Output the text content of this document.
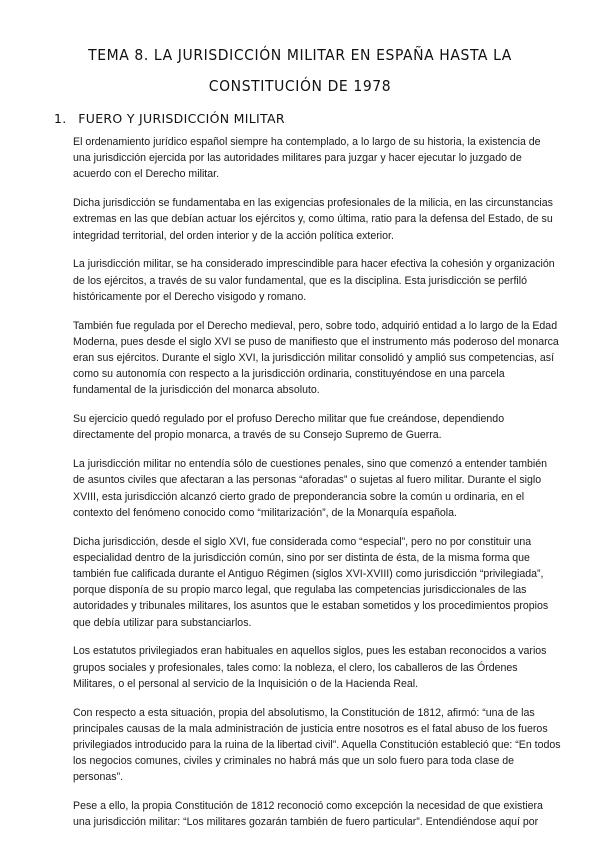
TEMA 8. LA JURISDICCIÓN MILITAR EN ESPAÑA HASTA LA CONSTITUCIÓN DE 1978
1. FUERO Y JURISDICCIÓN MILITAR

El ordenamiento jurídico español siempre ha contemplado, a lo largo de su historia, la existencia de una jurisdicción ejercida por las autoridades militares para juzgar y hacer ejecutar lo juzgado de acuerdo con el Derecho militar.

Dicha jurisdicción se fundamentaba en las exigencias profesionales de la milicia, en las circunstancias extremas en las que debían actuar los ejércitos y, como última, ratio para la defensa del Estado, de su integridad territorial, del orden interior y de la acción política exterior.

La jurisdicción militar, se ha considerado imprescindible para hacer efectiva la cohesión y organización de los ejércitos, a través de su valor fundamental, que es la disciplina. Esta jurisdicción se perfiló históricamente por el Derecho visigodo y romano.

También fue regulada por el Derecho medieval, pero, sobre todo, adquirió entidad a lo largo de la Edad Moderna, pues desde el siglo XVI se puso de manifiesto que el instrumento más poderoso del monarca eran sus ejércitos. Durante el siglo XVI, la jurisdicción militar consolidó y amplió sus competencias, así como su autonomía con respecto a la jurisdicción ordinaria, constituyéndose en una parcela fundamental de la jurisdicción del monarca absoluto.

Su ejercicio quedó regulado por el profuso Derecho militar que fue creándose, dependiendo directamente del propio monarca, a través de su Consejo Supremo de Guerra.

La jurisdicción militar no entendía sólo de cuestiones penales, sino que comenzó a entender también de asuntos civiles que afectaran a las personas “aforadas” o sujetas al fuero militar. Durante el siglo XVIII, esta jurisdicción alcanzó cierto grado de preponderancia sobre la común u ordinaria, en el contexto del fenómeno conocido como “militarización”, de la Monarquía española.

Dicha jurisdicción, desde el siglo XVI, fue considerada como “especial”, pero no por constituir una especialidad dentro de la jurisdicción común, sino por ser distinta de ésta, de la misma forma que también fue calificada durante el Antiguo Régimen (siglos XVI-XVIII) como jurisdicción “privilegiada”, porque disponía de su propio marco legal, que regulaba las competencias jurisdiccionales de las autoridades y tribunales militares, los asuntos que le estaban sometidos y los procedimientos propios que debía utilizar para substanciarlos.

Los estatutos privilegiados eran habituales en aquellos siglos, pues les estaban reconocidos a varios grupos sociales y profesionales, tales como: la nobleza, el clero, los caballeros de las Órdenes Militares, o el personal al servicio de la Inquisición o de la Hacienda Real.

Con respecto a esta situación, propia del absolutismo, la Constitución de 1812, afirmó: “una de las principales causas de la mala administración de justicia entre nosotros es el fatal abuso de los fueros privilegiados introducido para la ruina de la libertad civil”. Aquella Constitución estableció que: “En todos los negocios comunes, civiles y criminales no habrá más que un solo fuero para toda clase de personas”.

Pese a ello, la propia Constitución de 1812 reconoció como excepción la necesidad de que existiera una jurisdicción militar: “Los militares gozarán también de fuero particular”. Entendiéndose aquí por
